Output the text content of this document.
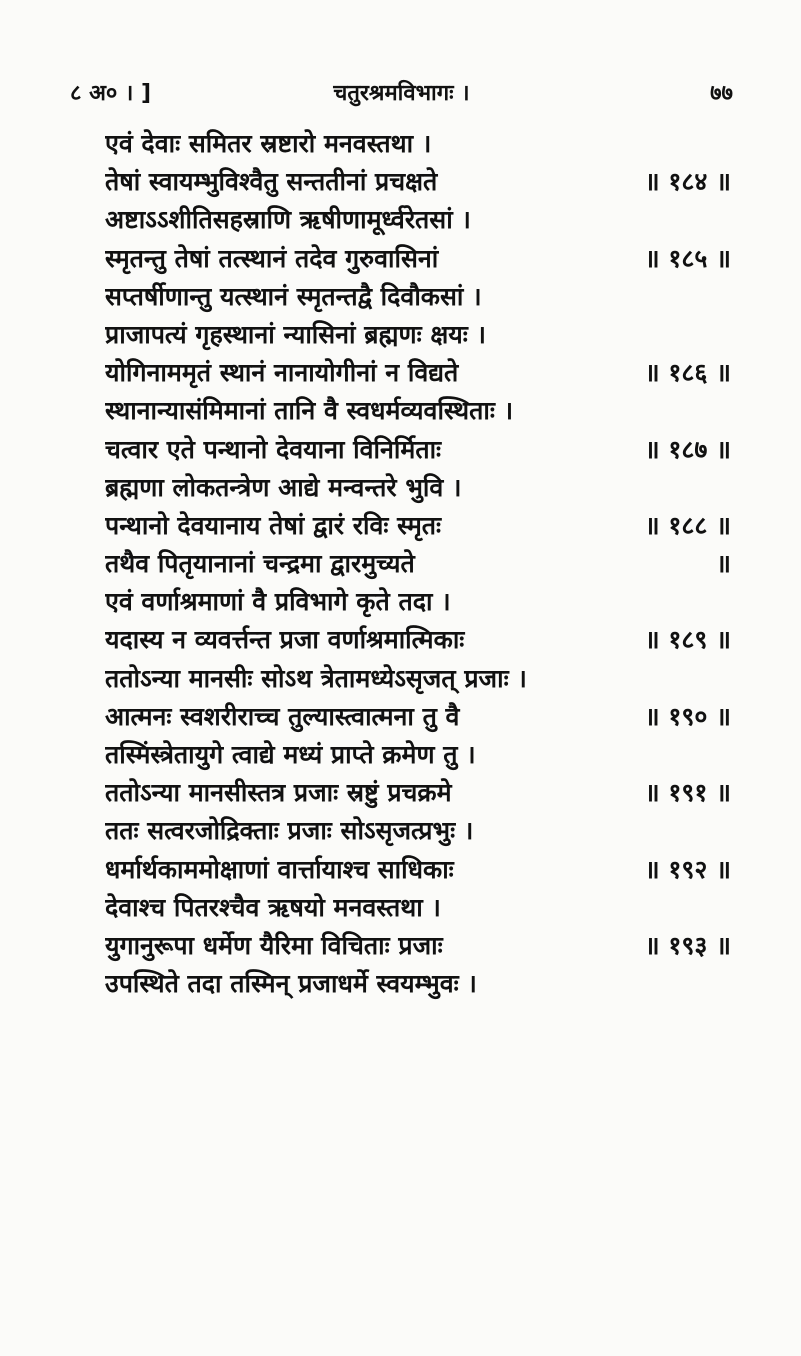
८ अ० । ]	चतुरश्रमविभागः ।	७७
एवं देवाः समितर स्रष्टारो मनवस्तथा ।
तेषां स्वायम्भुविश्वैतु सन्ततीनां प्रचक्षते	॥ १८४ ॥
अष्टाऽऽशीतिसहस्राणि ऋषीणामूर्ध्वरेतसां ।
स्मृतन्तु तेषां तत्स्थानं तदेव गुरुवासिनां	॥ १८५ ॥
सप्तर्षीणान्तु यत्स्थानं स्मृतन्तद्वै दिवौकसां ।
प्राजापत्यं गृहस्थानां न्यासिनां ब्रह्मणः क्षयः ।
योगिनाममृतं स्थानं नानायोगीनां न विद्यते	॥ १८६ ॥
स्थानान्यासंमिमानां तानि वै स्वधर्मव्यवस्थिताः ।
चत्वार एते पन्थानो देवयाना विनिर्मिताः	॥ १८७ ॥
ब्रह्मणा लोकतन्त्रेण आद्ये मन्वन्तरे भुवि ।
पन्थानो देवयानाय तेषां द्वारं रविः स्मृतः	॥ १८८ ॥
तथैव पितृयानानां चन्द्रमा द्वारमुच्यते	॥
एवं वर्णाश्रमाणां वै प्रविभागे कृते तदा ।
यदास्य न व्यवर्त्तन्त प्रजा वर्णाश्रमात्मिकाः	॥ १८९ ॥
ततोऽन्या मानसीः सोऽथ त्रेतामध्येऽसृजत् प्रजाः ।
आत्मनः स्वशरीराच्च तुल्यास्त्वात्मना तु वै	॥ १९० ॥
तस्मिंस्त्रेतायुगे त्वाद्ये मध्यं प्राप्ते क्रमेण तु ।
ततोऽन्या मानसीस्तत्र प्रजाः स्रष्टुं प्रचक्रमे	॥ १९१ ॥
ततः सत्वरजोद्रिक्ताः प्रजाः सोऽसृजत्प्रभुः ।
धर्मार्थकाममोक्षाणां वार्त्तायाश्च साधिकाः	॥ १९२ ॥
देवाश्च पितरश्चैव ऋषयो मनवस्तथा ।
युगानुरूपा धर्मेण यैरिमा विचिताः प्रजाः	॥ १९३ ॥
उपस्थिते तदा तस्मिन् प्रजाधर्मे स्वयम्भुवः ।
